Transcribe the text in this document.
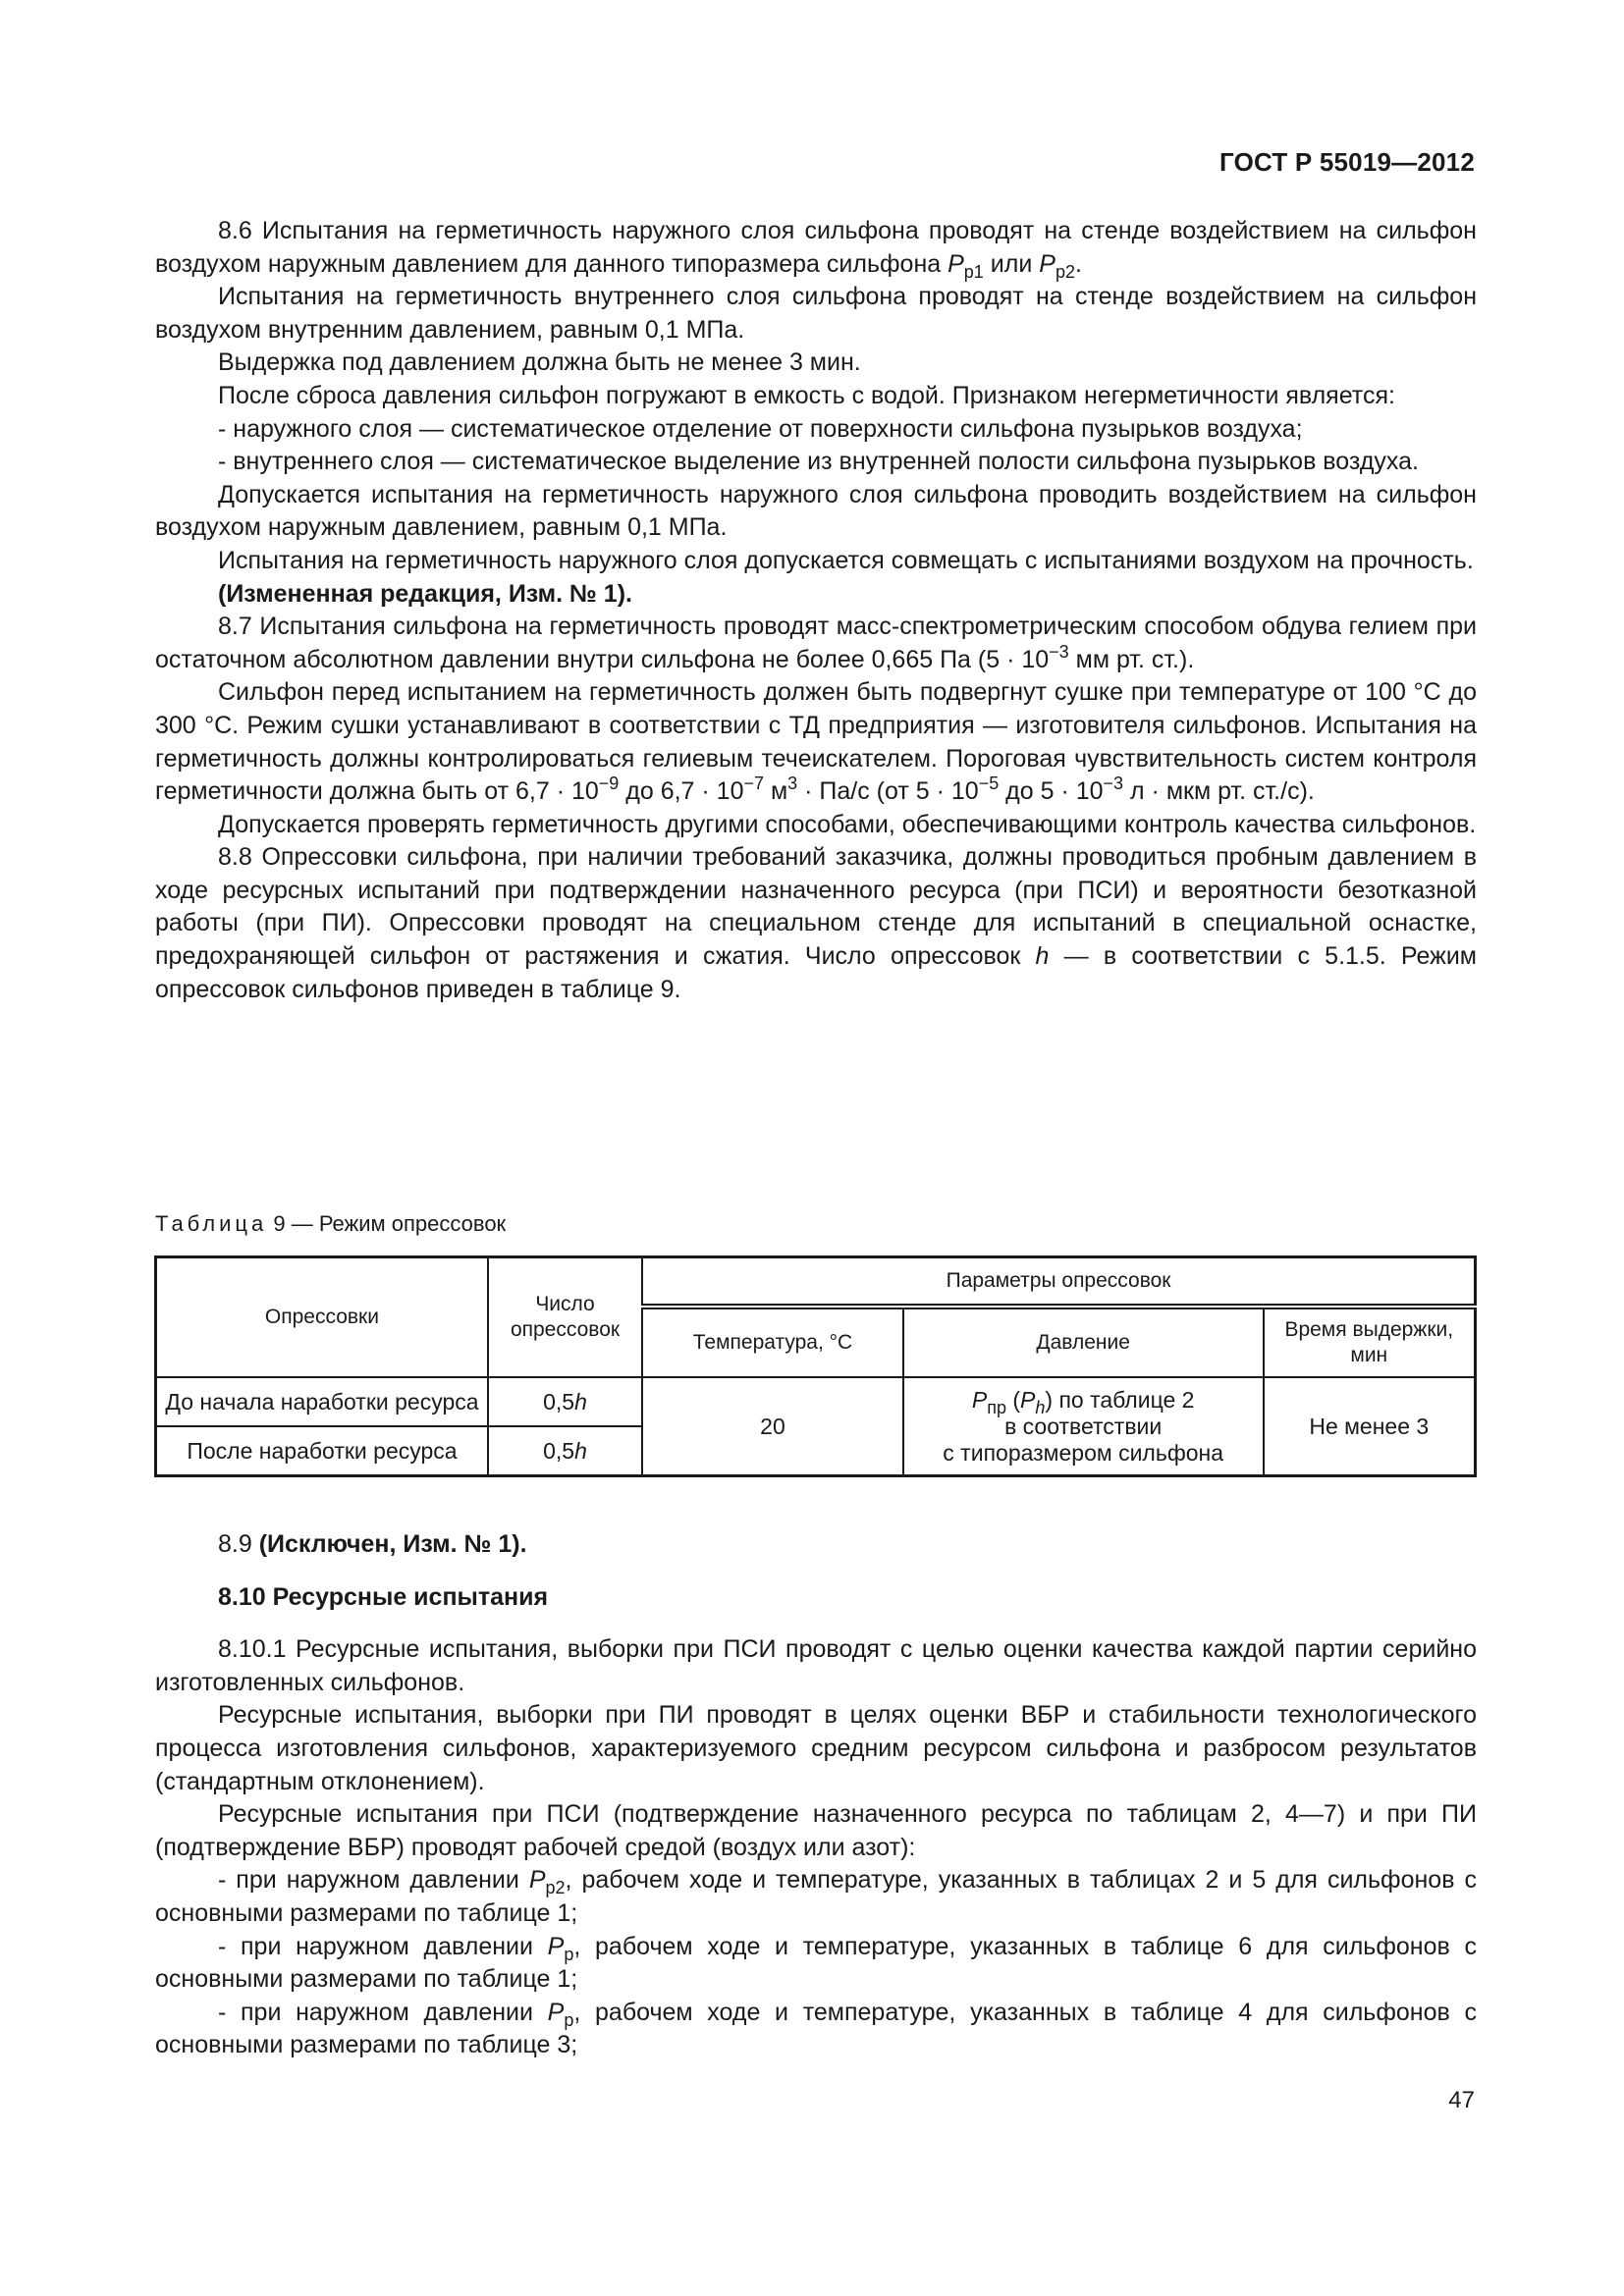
ГОСТ Р 55019—2012

8.6 Испытания на герметичность наружного слоя сильфона проводят на стенде воздействием на сильфон воздухом наружным давлением для данного типоразмера сильфона $P_{p1}$ или $P_{p2}$.

Испытания на герметичность внутреннего слоя сильфона проводят на стенде воздействием на сильфон воздухом внутренним давлением, равным 0,1 МПа.

Выдержка под давлением должна быть не менее 3 мин.

После сброса давления сильфон погружают в емкость с водой. Признаком негерметичности является:

- наружного слоя — систематическое отделение от поверхности сильфона пузырьков воздуха;

- внутреннего слоя — систематическое выделение из внутренней полости сильфона пузырьков воздуха.

Допускается испытания на герметичность наружного слоя сильфона проводить воздействием на сильфон воздухом наружным давлением, равным 0,1 МПа.

Испытания на герметичность наружного слоя допускается совмещать с испытаниями воздухом на прочность.

(Измененная редакция, Изм. № 1).

8.7 Испытания сильфона на герметичность проводят масс-спектрометрическим способом обдува гелием при остаточном абсолютном давлении внутри сильфона не более 0,665 Па ($5 \cdot 10^{-3}$ мм рт. ст.).

Сильфон перед испытанием на герметичность должен быть подвергнут сушке при температуре от 100 °С до 300 °С. Режим сушки устанавливают в соответствии с ТД предприятия — изготовителя сильфонов. Испытания на герметичность должны контролироваться гелиевым течеискателем. Пороговая чувствительность систем контроля герметичности должна быть от $6,7 \cdot 10^{-9}$ до $6,7 \cdot 10^{-7}$ $м^3 \cdot Па/с$ (от $5 \cdot 10^{-5}$ до $5 \cdot 10^{-3}$ л · мкм рт. ст./с).

Допускается проверять герметичность другими способами, обеспечивающими контроль качества сильфонов.

8.8 Опрессовки сильфона, при наличии требований заказчика, должны проводиться пробным давлением в ходе ресурсных испытаний при подтверждении назначенного ресурса (при ПСИ) и вероятности безотказной работы (при ПИ). Опрессовки проводят на специальном стенде для испытаний в специальной оснастке, предохраняющей сильфон от растяжения и сжатия. Число опрессовок h — в соответствии с 5.1.5. Режим опрессовок сильфонов приведен в таблице 9.

Таблица 9 — Режим опрессовок
Опрессовки	Число опрессовок	Параметры опрессовок		
		Температура, °С	Давление	Время выдержки, мин
До начала наработки ресурса	0,5h	20	$P_{пр}$ $(P_h)$ по таблице 2
в соответствии
с типоразмером сильфона	Не менее 3
После наработки ресурса	0,5h			

8.9 (Исключен, Изм. № 1).

8.10 Ресурсные испытания

8.10.1 Ресурсные испытания, выборки при ПСИ проводят с целью оценки качества каждой партии серийно изготовленных сильфонов.

Ресурсные испытания, выборки при ПИ проводят в целях оценки ВБР и стабильности технологического процесса изготовления сильфонов, характеризуемого средним ресурсом сильфона и разбросом результатов (стандартным отклонением).

Ресурсные испытания при ПСИ (подтверждение назначенного ресурса по таблицам 2, 4—7) и при ПИ (подтверждение ВБР) проводят рабочей средой (воздух или азот):

- при наружном давлении $P_{p2}$, рабочем ходе и температуре, указанных в таблицах 2 и 5 для сильфонов с основными размерами по таблице 1;

- при наружном давлении $P_p$, рабочем ходе и температуре, указанных в таблице 6 для сильфонов с основными размерами по таблице 1;

- при наружном давлении $P_p$, рабочем ходе и температуре, указанных в таблице 4 для сильфонов с основными размерами по таблице 3;

47
